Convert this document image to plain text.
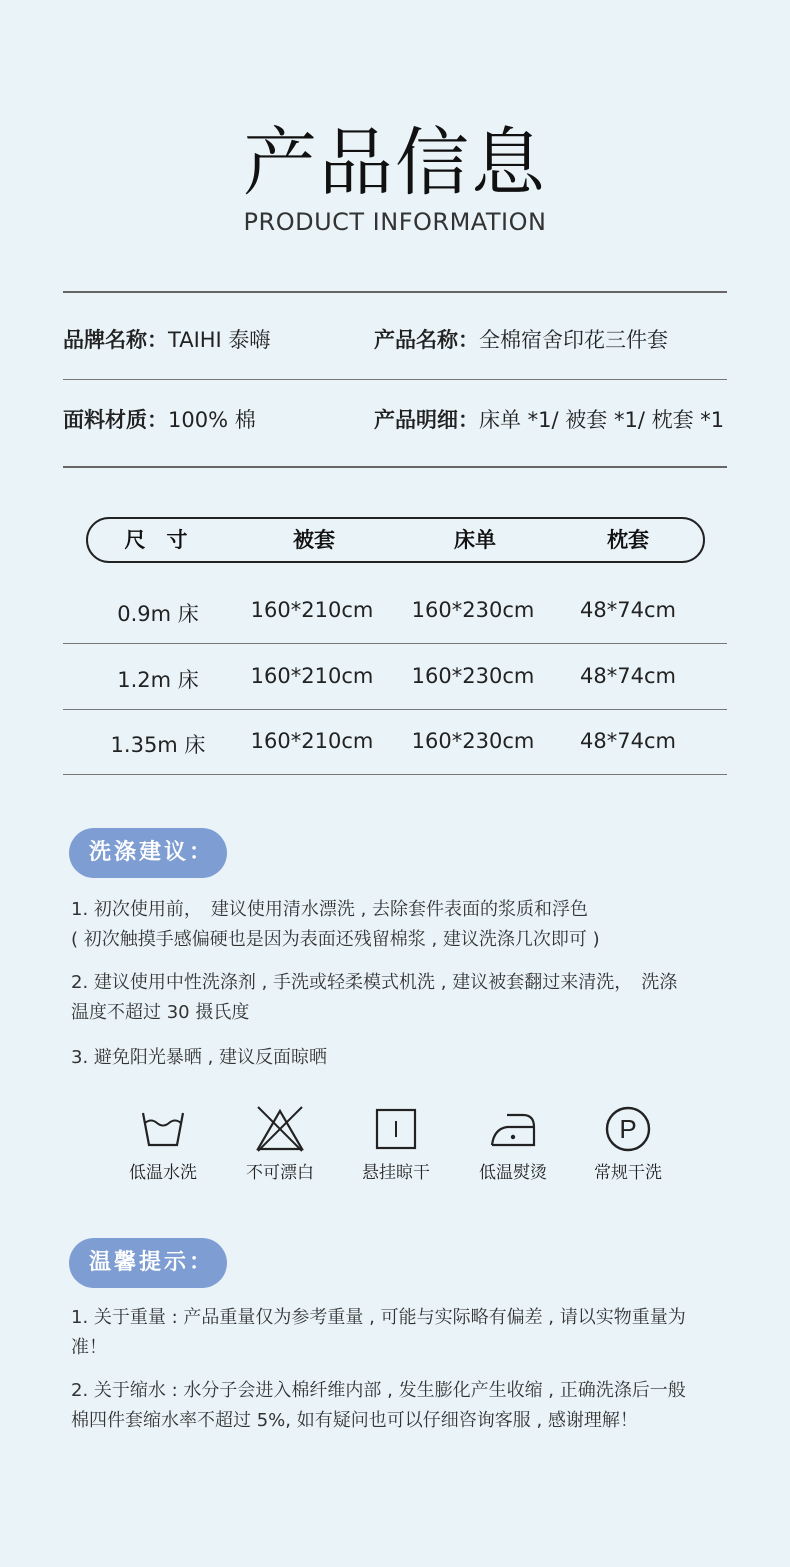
产品信息
PRODUCT INFORMATION
品牌名称：TAIHI 泰嗨	产品名称：全棉宿舍印花三件套
面料材质：100% 棉	产品明细：床单 *1/ 被套 *1/ 枕套 *1
尺　寸	被套	床单	枕套
0.9m 床	160*210cm 160*230cm	48*74cm
1.2m 床	160*210cm 160*230cm	48*74cm
1.35m 床	160*210cm 160*230cm	48*74cm
洗涤建议：
1. 初次使用前，　建议使用清水漂洗 , 去除套件表面的浆质和浮色
( 初次触摸手感偏硬也是因为表面还残留棉浆 , 建议洗涤几次即可 )
2. 建议使用中性洗涤剂 , 手洗或轻柔模式机洗 , 建议被套翻过来清洗，　洗涤
温度不超过 30 摄氏度
3. 避免阳光暴晒 , 建议反面晾晒
低温水洗	不可漂白	悬挂晾干	低温熨烫
P
常规干洗
温馨提示：
1. 关于重量 : 产品重量仅为参考重量 , 可能与实际略有偏差 , 请以实物重量为
准！
2. 关于缩水 : 水分子会进入棉纤维内部 , 发生膨化产生收缩 , 正确洗涤后一般
棉四件套缩水率不超过 5%, 如有疑问也可以仔细咨询客服 , 感谢理解！
